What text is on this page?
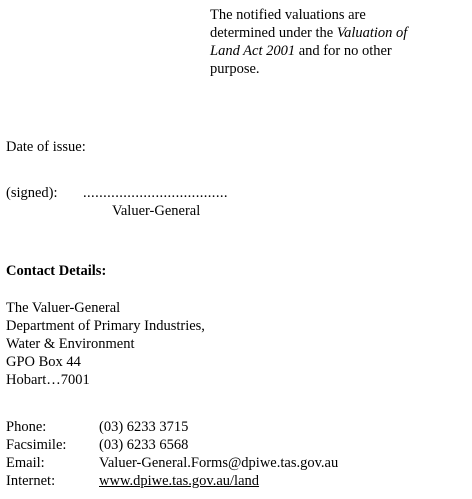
The notified valuations are
determined under the Valuation of
Land Act 2001 and for no other
purpose.

Date of issue:
(signed): ....................................
Valuer-General
Contact Details:
The Valuer-General
Department of Primary Industries,
Water & Environment
GPO Box 44
Hobart…7001
Phone:	(03) 6233 3715
Facsimile:	(03) 6233 6568
Email:	Valuer-General.Forms@dpiwe.tas.gov.au
Internet:	www.dpiwe.tas.gov.au/land
